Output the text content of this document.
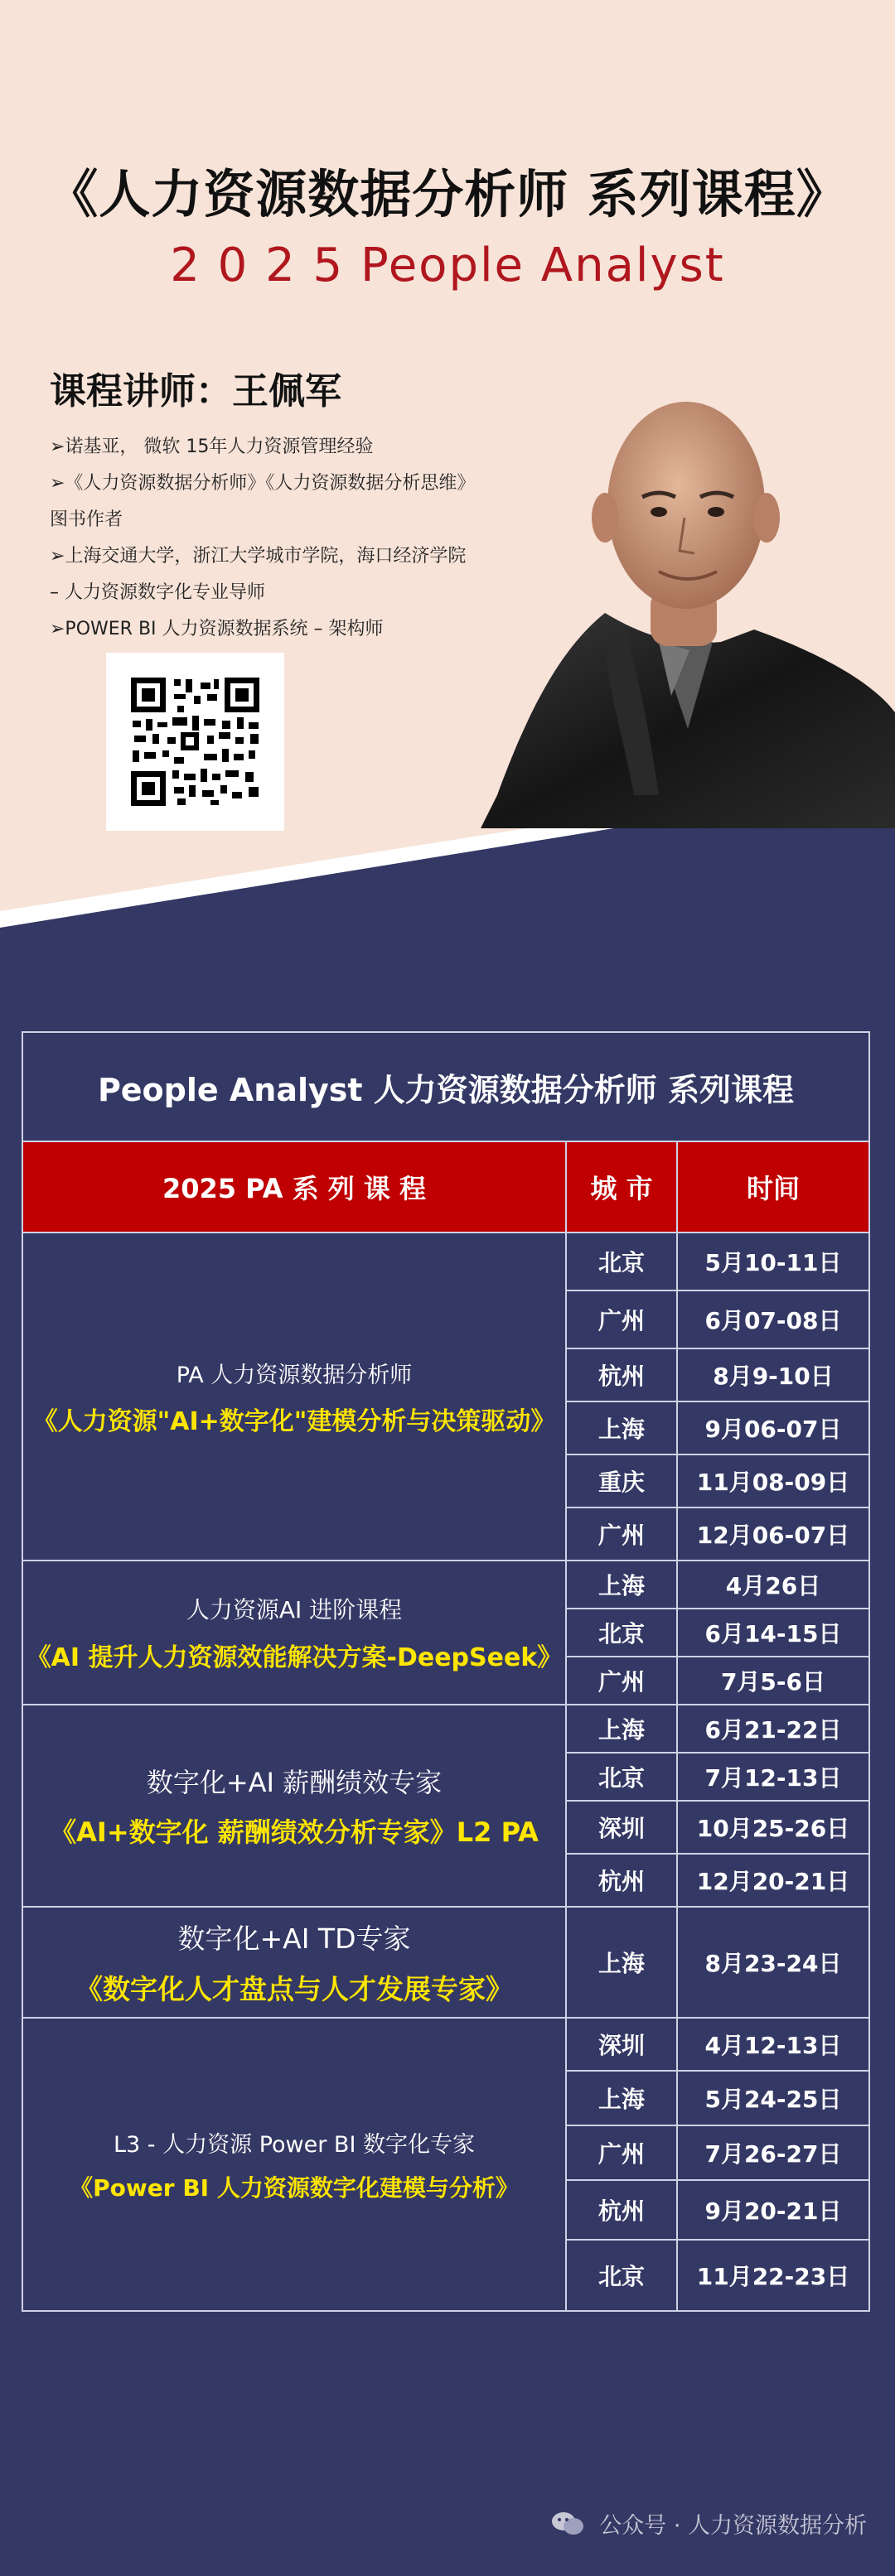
《人力资源数据分析师 系列课程》
2 0 2 5 People Analyst
课程讲师：王佩军
➢诺基亚， 微软 15年人力资源管理经验
➢《人力资源数据分析师》《人力资源数据分析思维》
图书作者
➢上海交通大学，浙江大学城市学院，海口经济学院
– 人力资源数字化专业导师
➢POWER BI 人力资源数据系统 – 架构师
People Analyst 人力资源数据分析师 系列课程		
2025 PA 系 列 课 程	城 市	时间

PA 人力资源数据分析师
《人力资源"AI+数字化"建模分析与决策驱动》	北京	5月10-11日
	广州	6月07-08日
	杭州	8月9-10日
	上海	9月06-07日
	重庆	11月08-09日
	广州	12月06-07日

人力资源AI 进阶课程
《AI 提升人力资源效能解决方案-DeepSeek》	上海	4月26日
	北京	6月14-15日
	广州	7月5-6日

数字化+AI 薪酬绩效专家
《AI+数字化 薪酬绩效分析专家》L2 PA	上海	6月21-22日
	北京	7月12-13日
	深圳	10月25-26日
	杭州	12月20-21日

数字化+AI TD专家
《数字化人才盘点与人才发展专家》	上海	8月23-24日

L3 - 人力资源 Power BI 数字化专家
《Power BI 人力资源数字化建模与分析》	深圳	4月12-13日
	上海	5月24-25日
	广州	7月26-27日
	杭州	9月20-21日
	北京	11月22-23日
公众号 · 人力资源数据分析
